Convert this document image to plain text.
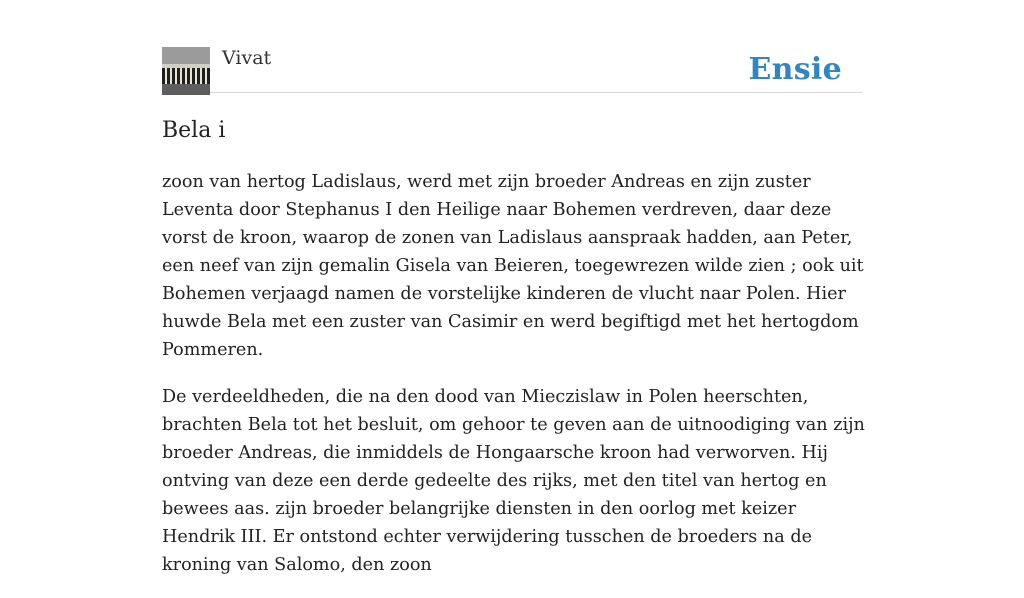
Vivat	Ensie
Bela i

zoon van hertog Ladislaus, werd met zijn broeder Andreas en zijn zuster Leventa door Stephanus I den Heilige naar Bohemen verdreven, daar deze vorst de kroon, waarop de zonen van Ladislaus aanspraak hadden, aan Peter, een neef van zijn gemalin Gisela van Beieren, toegewrezen wilde zien ; ook uit Bohemen verjaagd namen de vorstelijke kinderen de vlucht naar Polen. Hier huwde Bela met een zuster van Casimir en werd begiftigd met het hertogdom Pommeren.

De verdeeldheden, die na den dood van Mieczislaw in Polen heerschten, brachten Bela tot het besluit, om gehoor te geven aan de uitnoodiging van zijn broeder Andreas, die inmiddels de Hongaarsche kroon had verworven. Hij ontving van deze een derde gedeelte des rijks, met den titel van hertog en bewees aas. zijn broeder belangrijke diensten in den oorlog met keizer Hendrik III. Er ontstond echter verwijdering tusschen de broeders na de kroning van Salomo, den zoon
